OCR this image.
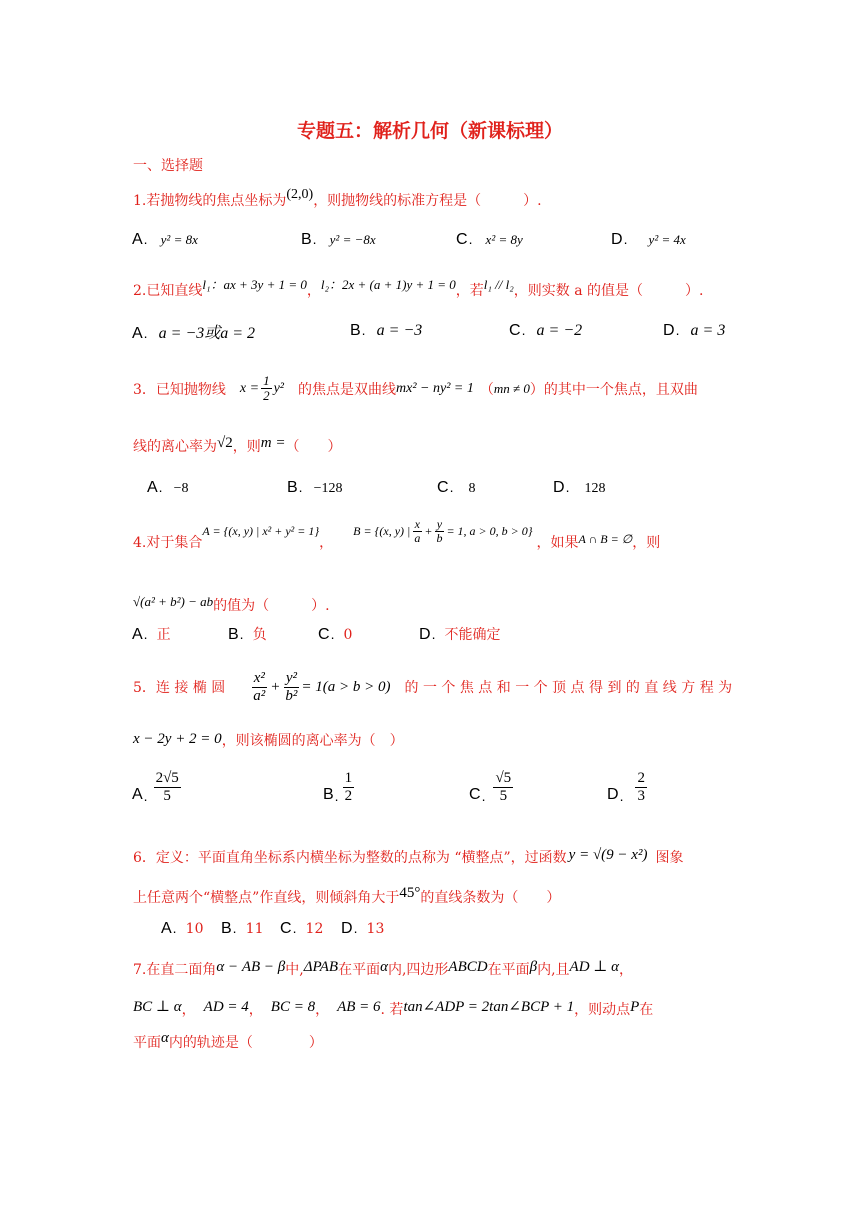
专题五：解析几何（新课标理）
一、选择题
1.若抛物线的焦点坐标为(2,0)，则抛物线的标准方程是（　　　）.
A. y² = 8x	B. y² = −8x	C. x² = 8y	D. y² = 4x
2.已知直线l₁：ax + 3y + 1 = 0，l₂：2x + (a + 1)y + 1 = 0，若l₁ // l₂，则实数 a 的值是（　　　）.
A. a = −3或a = 2	B. a = −3	C. a = −2	D. a = 3
3．已知抛物线 $x = \frac{1}{2} y^2$ 的焦点是双曲线 mx² − ny² = 1 （ mn ≠ 0 ）的其中一个焦点，且双曲
线的离心率为√2，则m =（　　）
A. −8	B. −128	C. 8	D. 128
4.对于集合
A = {(x, y) | x² + y² = 1}
，
B = {(x, y) | $\frac{x}{a} + \frac{y}{b} = 1$, a > 0, b > 0}
，如果 A ∩ B = ∅ ，则
√(a² + b²) − ab的值为（　　　）.
A. 正	B. 负	C. 0	D. 不能确定
5．连 接 椭 圆 $\frac{\text{x²}}{\text{a²}} + \frac{\text{y²}}{\text{b²}} = 1(a > b > 0)$ 的 一 个 焦 点 和 一 个 顶 点 得 到 的 直 线 方 程 为
x − 2y + 2 = 0，则该椭圆的离心率为（　）
A . $\frac{2√5}{5}$	B . $\frac{1}{2}$	C . $\frac{√5}{5}$	D . $\frac{2}{3}$
6．定义：平面直角坐标系内横坐标为整数的点称为 “横整点”，过函数 y = √(9 − x²) 图象
上任意两个“横整点”作直线，则倾斜角大于45°的直线条数为（　　）
A. 10 B. 11 C. 12 D. 13
7.在直二面角α − AB − β中,ΔPAB在平面α内,四边形ABCD在平面β内,且AD ⊥ α，
BC ⊥ α， AD = 4， BC = 8， AB = 6. 若tan∠ADP = 2tan∠BCP + 1，则动点P在
平面α内的轨迹是（　　　　）
